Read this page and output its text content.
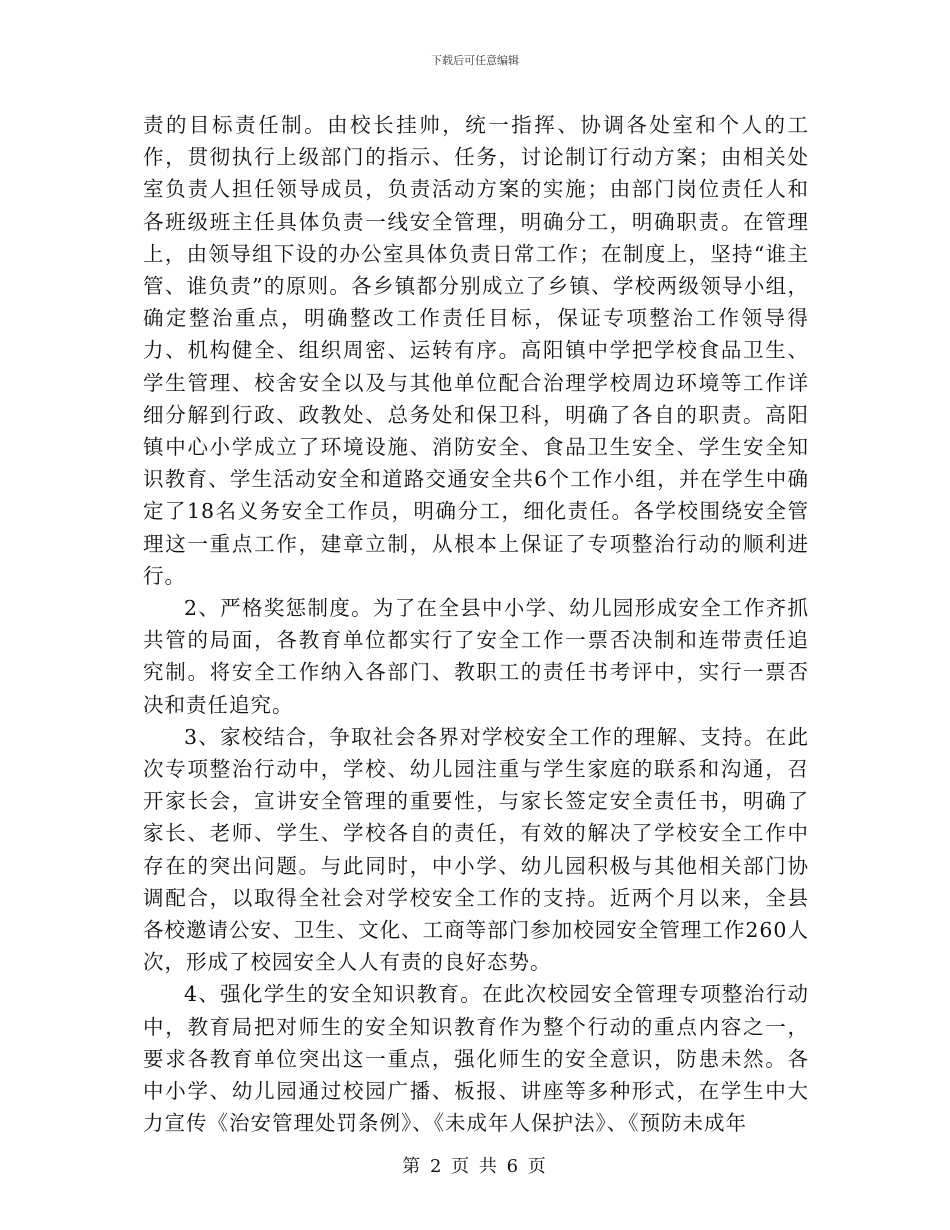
下载后可任意编辑

责的目标责任制。由校长挂帅，统一指挥、协调各处室和个人的工作，贯彻执行上级部门的指示、任务，讨论制订行动方案；由相关处室负责人担任领导成员，负责活动方案的实施；由部门岗位责任人和各班级班主任具体负责一线安全管理，明确分工，明确职责。在管理上，由领导组下设的办公室具体负责日常工作；在制度上，坚持“谁主管、谁负责”的原则。各乡镇都分别成立了乡镇、学校两级领导小组，确定整治重点，明确整改工作责任目标，保证专项整治工作领导得力、机构健全、组织周密、运转有序。高阳镇中学把学校食品卫生、学生管理、校舍安全以及与其他单位配合治理学校周边环境等工作详细分解到行政、政教处、总务处和保卫科，明确了各自的职责。高阳镇中心小学成立了环境设施、消防安全、食品卫生安全、学生安全知识教育、学生活动安全和道路交通安全共6个工作小组，并在学生中确定了18名义务安全工作员，明确分工，细化责任。各学校围绕安全管理这一重点工作，建章立制，从根本上保证了专项整治行动的顺利进行。

2、严格奖惩制度。为了在全县中小学、幼儿园形成安全工作齐抓共管的局面，各教育单位都实行了安全工作一票否决制和连带责任追究制。将安全工作纳入各部门、教职工的责任书考评中，实行一票否决和责任追究。

3、家校结合，争取社会各界对学校安全工作的理解、支持。在此次专项整治行动中，学校、幼儿园注重与学生家庭的联系和沟通，召开家长会，宣讲安全管理的重要性，与家长签定安全责任书，明确了家长、老师、学生、学校各自的责任，有效的解决了学校安全工作中存在的突出问题。与此同时，中小学、幼儿园积极与其他相关部门协调配合，以取得全社会对学校安全工作的支持。近两个月以来，全县各校邀请公安、卫生、文化、工商等部门参加校园安全管理工作260人次，形成了校园安全人人有责的良好态势。

4、强化学生的安全知识教育。在此次校园安全管理专项整治行动中，教育局把对师生的安全知识教育作为整个行动的重点内容之一，要求各教育单位突出这一重点，强化师生的安全意识，防患未然。各中小学、幼儿园通过校园广播、板报、讲座等多种形式，在学生中大力宣传《治安管理处罚条例》、《未成年人保护法》、《预防未成年

第 2 页 共 6 页
